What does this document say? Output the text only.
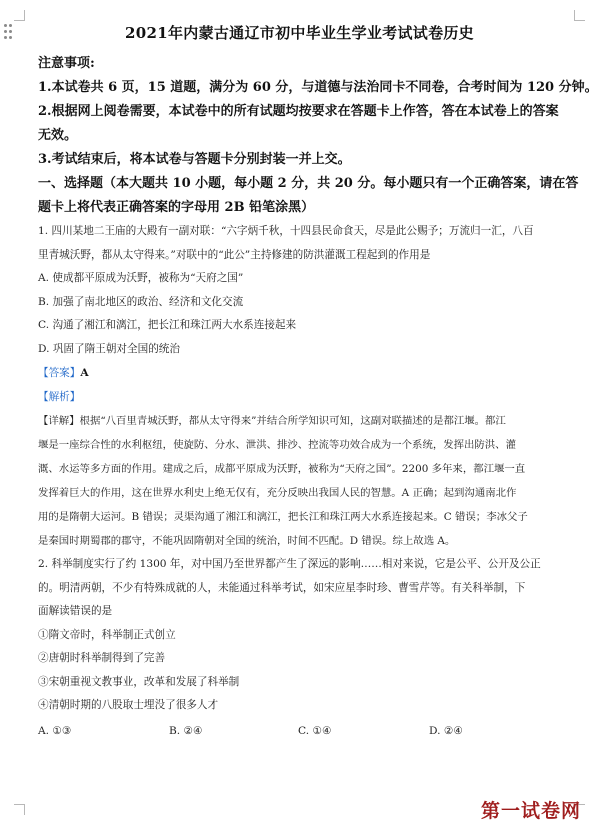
2021年内蒙古通辽市初中毕业生学业考试试卷历史
注意事项:
1.本试卷共 6 页，15 道题，满分为 60 分，与道德与法治同卡不同卷，合考时间为 120 分钟。
2.根据网上阅卷需要，本试卷中的所有试题均按要求在答题卡上作答，答在本试卷上的答案
无效。
3.考试结束后，将本试卷与答题卡分别封装一并上交。
一、选择题（本大题共 10 小题，每小题 2 分，共 20 分。每小题只有一个正确答案，请在答
题卡上将代表正确答案的字母用 2B 铅笔涂黑）
1. 四川某地二王庙的大殿有一副对联：“六字炳千秋，十四县民命食天，尽是此公赐予；万流归一汇，八百
里青城沃野，都从太守得来。”对联中的“此公”主持修建的防洪灌溉工程起到的作用是
A. 使成都平原成为沃野，被称为“天府之国”
B. 加强了南北地区的政治、经济和文化交流
C. 沟通了湘江和漓江，把长江和珠江两大水系连接起来
D. 巩固了隋王朝对全国的统治
【答案】A
【解析】
【详解】根据“八百里青城沃野，都从太守得来”并结合所学知识可知，这副对联描述的是都江堰。都江
堰是一座综合性的水利枢纽，使旋防、分水、泄洪、排沙、控流等功效合成为一个系统，发挥出防洪、灌
溉、水运等多方面的作用。建成之后，成都平原成为沃野，被称为“天府之国”。2200 多年来，都江堰一直
发挥着巨大的作用，这在世界水利史上绝无仅有，充分反映出我国人民的智慧。A 正确；起到沟通南北作
用的是隋朝大运河。B 错误；灵渠沟通了湘江和漓江，把长江和珠江两大水系连接起来。C 错误；李冰父子
是秦国时期蜀郡的郡守，不能巩固隋朝对全国的统治，时间不匹配。D 错误。综上故选 A。
2. 科举制度实行了约 1300 年，对中国乃至世界都产生了深远的影响……相对来说，它是公平、公开及公正
的。明清两朝，不少有特殊成就的人，未能通过科举考试，如宋应星李时珍、曹雪芹等。有关科举制，下
面解读错误的是
①隋文帝时，科举制正式创立
②唐朝时科举制得到了完善
③宋朝重视文教事业，改革和发展了科举制
④清朝时期的八股取士埋没了很多人才
A. ①③	B. ②④	C. ①④	D. ②④
第一试卷网
